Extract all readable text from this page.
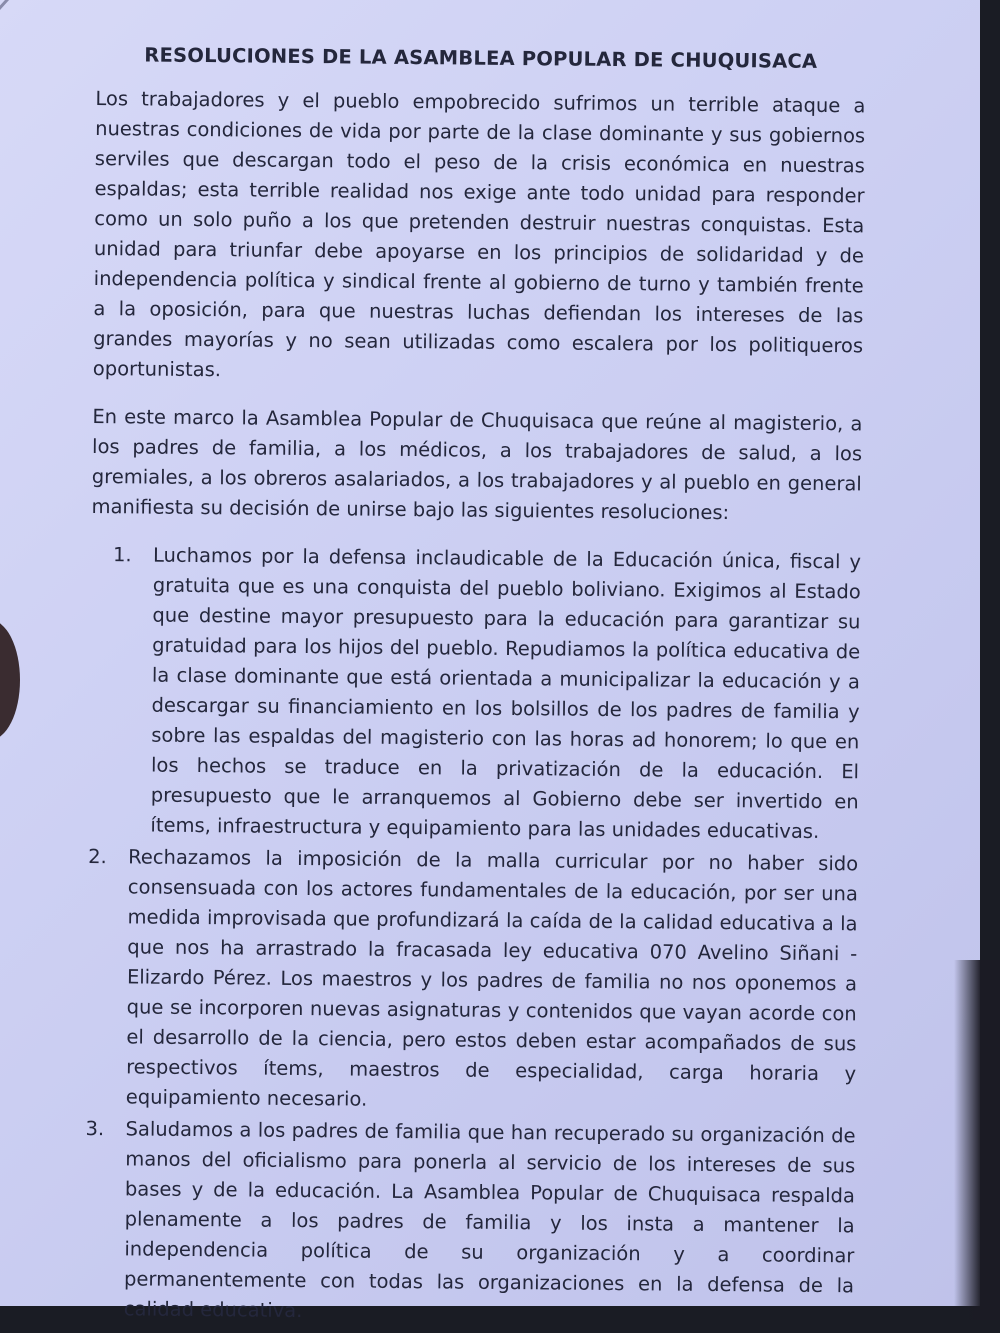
RESOLUCIONES DE LA ASAMBLEA POPULAR DE CHUQUISACA

Los trabajadores y el pueblo empobrecido sufrimos un terrible ataque a nuestras condiciones de vida por parte de la clase dominante y sus gobiernos serviles que descargan todo el peso de la crisis económica en nuestras espaldas; esta terrible realidad nos exige ante todo unidad para responder como un solo puño a los que pretenden destruir nuestras conquistas. Esta unidad para triunfar debe apoyarse en los principios de solidaridad y de independencia política y sindical frente al gobierno de turno y también frente a la oposición, para que nuestras luchas defiendan los intereses de las grandes mayorías y no sean utilizadas como escalera por los politiqueros oportunistas.

En este marco la Asamblea Popular de Chuquisaca que reúne al magisterio, a los padres de familia, a los médicos, a los trabajadores de salud, a los gremiales, a los obreros asalariados, a los trabajadores y al pueblo en general manifiesta su decisión de unirse bajo las siguientes resoluciones:

1. Luchamos por la defensa inclaudicable de la Educación única, fiscal y gratuita que es una conquista del pueblo boliviano. Exigimos al Estado que destine mayor presupuesto para la educación para garantizar su gratuidad para los hijos del pueblo. Repudiamos la política educativa de la clase dominante que está orientada a municipalizar la educación y a descargar su financiamiento en los bolsillos de los padres de familia y sobre las espaldas del magisterio con las horas ad honorem; lo que en los hechos se traduce en la privatización de la educación. El presupuesto que le arranquemos al Gobierno debe ser invertido en ítems, infraestructura y equipamiento para las unidades educativas.
2. Rechazamos la imposición de la malla curricular por no haber sido consensuada con los actores fundamentales de la educación, por ser una medida improvisada que profundizará la caída de la calidad educativa a la que nos ha arrastrado la fracasada ley educativa 070 Avelino Siñani - Elizardo Pérez. Los maestros y los padres de familia no nos oponemos a que se incorporen nuevas asignaturas y contenidos que vayan acorde con el desarrollo de la ciencia, pero estos deben estar acompañados de sus respectivos ítems, maestros de especialidad, carga horaria y equipamiento necesario.
3. Saludamos a los padres de familia que han recuperado su organización de manos del oficialismo para ponerla al servicio de los intereses de sus bases y de la educación. La Asamblea Popular de Chuquisaca respalda plenamente a los padres de familia y los insta a mantener la independencia política de su organización y a coordinar permanentemente con todas las organizaciones en la defensa de la calidad educativa.
